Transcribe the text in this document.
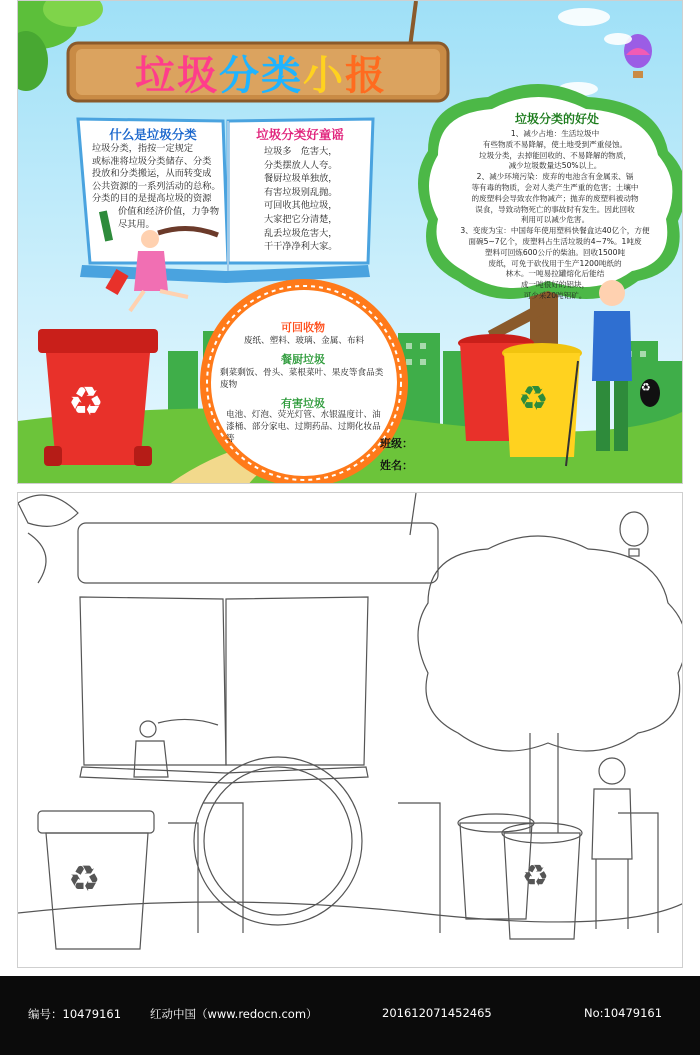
♻	♻	♻
垃圾 分类 小 报
什么是垃圾分类
垃圾分类，指按一定规定
或标准将垃圾分类储存、分类
投放和分类搬运，从而转变成
公共资源的一系列活动的总称。
分类的目的是提高垃圾的资源
价值和经济价值，力争物
尽其用。
垃圾分类好童谣
垃圾多　危害大，
分类摆放人人夸。
餐厨垃圾单独放，
有害垃圾别乱抛。
可回收其他垃圾，
大家把它分清楚，
乱丢垃圾危害大，
干干净净利大家。
可回收物
废纸、塑料、玻璃、金属、布料
餐厨垃圾
剩菜剩饭、骨头、菜根菜叶、果皮等食品类废物
有害垃圾
电池、灯泡、荧光灯管、水银温度计、油漆桶、部分家电、过期药品、过期化妆品等
垃圾分类的好处

1、减少占地：生活垃圾中

有些物质不易降解，使土地受到严重侵蚀。

垃圾分类，去掉能回收的、不易降解的物质，

减少垃圾数量达50%以上。

2、减少环境污染：废弃的电池含有金属汞、镉

等有毒的物质，会对人类产生严重的危害；土壤中

的废塑料会导致农作物减产；抛弃的废塑料被动物

误食，导致动物死亡的事故时有发生。因此回收

利用可以减少危害。

3、变废为宝：中国每年使用塑料快餐盒达40亿个，方便

面碗5~7亿个，废塑料占生活垃圾的4~7%。1吨废

塑料可回炼600公斤的柴油。回收1500吨

废纸，可免于砍伐用于生产1200吨纸的

林木。一吨易拉罐熔化后能结

成一吨很好的铝块，

可少采20吨铝矿。

班级：
姓名：
♻	♻
编号：10479161	红动中国（www.redocn.com）	20161207145246​5	No:10479161
